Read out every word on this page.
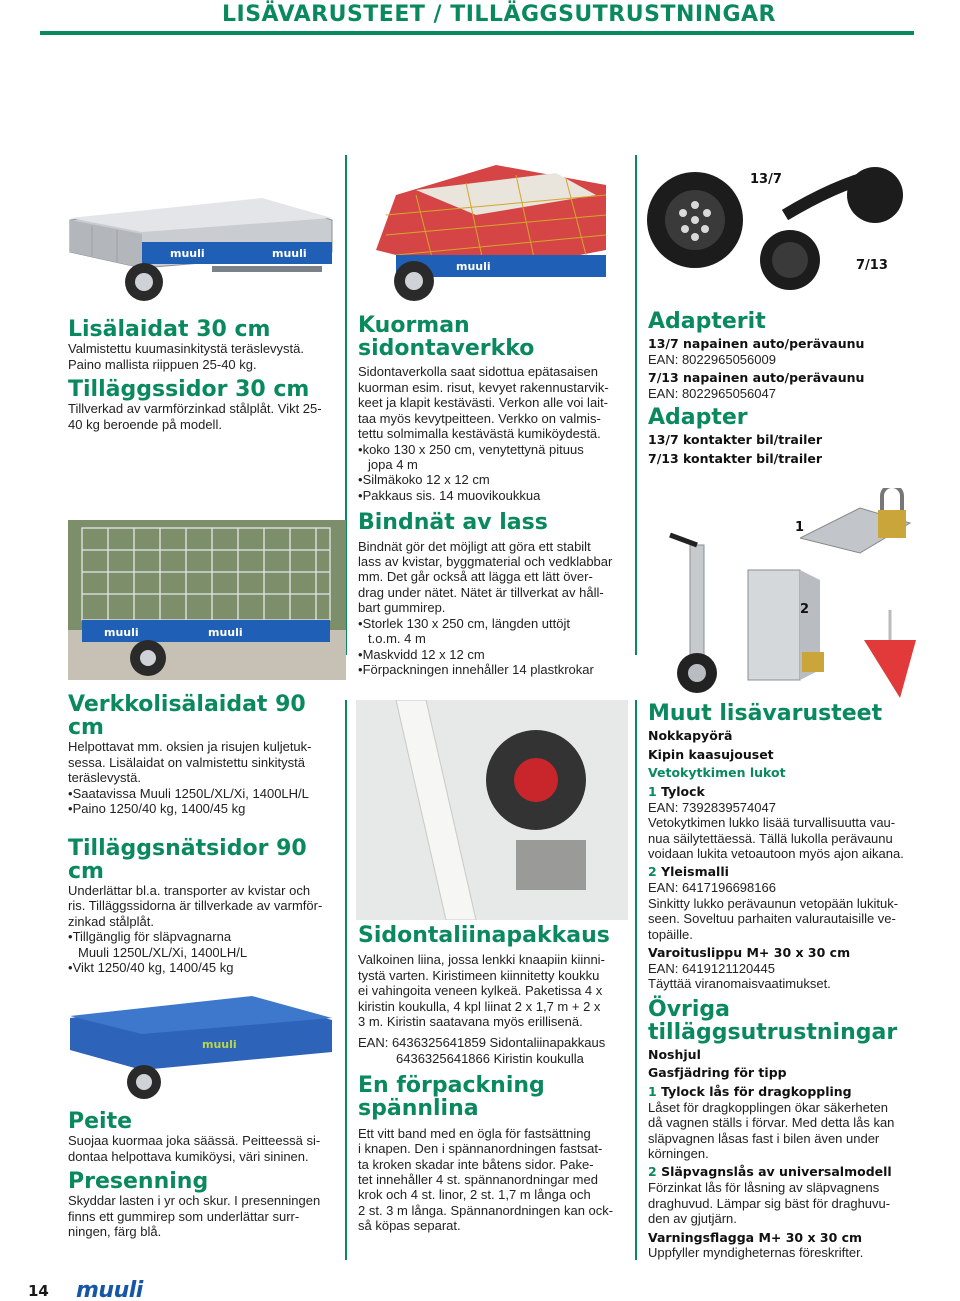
LISÄVARUSTEET / TILLÄGGSUTRUSTNINGAR
muuli	muuli
muuli
13/7
7/13
muuli	muuli
1
2
muuli
Lisälaidat 30 cm
Valmistettu kuumasinkitystä teräslevystä.
Paino mallista riippuen 25-40 kg.
Tilläggssidor 30 cm
Tillverkad av varmförzinkad stålplåt. Vikt 25-
40 kg beroende på modell.
Verkkolisälaidat 90 cm
Helpottavat mm. oksien ja risujen kuljetuk-
sessa. Lisälaidat on valmistettu sinkitystä
teräslevystä.
• Saatavissa Muuli 1250L/XL/Xi, 1400LH/L
• Paino 1250/40 kg, 1400/45 kg
Tilläggsnätsidor 90 cm
Underlättar bl.a. transporter av kvistar och
ris. Tilläggssidorna är tillverkade av varmför-
zinkad stålplåt.
• Tillgänglig för släpvagnarna
Muuli 1250L/XL/Xi, 1400LH/L
• Vikt 1250/40 kg, 1400/45 kg
Peite
Suojaa kuormaa joka säässä. Peitteessä si-
dontaa helpottava kumiköysi, väri sininen.
Presenning
Skyddar lasten i yr och skur. I presenningen
finns ett gummirep som underlättar surr-
ningen, färg blå.
Kuorman sidontaverkko
Sidontaverkolla saat sidottua epätasaisen
kuorman esim. risut, kevyet rakennustarvik-
keet ja klapit kestävästi. Verkon alle voi lait-
taa myös kevytpeitteen. Verkko on valmis-
tettu solmimalla kestävästä kumiköydestä.
• koko 130 x 250 cm, venytettynä pituus
jopa 4 m
• Silmäkoko 12 x 12 cm
• Pakkaus sis. 14 muovikoukkua
Bindnät av lass
Bindnät gör det möjligt att göra ett stabilt
lass av kvistar, byggmaterial och vedklabbar
mm. Det går också att lägga ett lätt över-
drag under nätet. Nätet är tillverkat av håll-
bart gummirep.
• Storlek 130 x 250 cm, längden uttöjt
t.o.m. 4 m
• Maskvidd 12 x 12 cm
• Förpackningen innehåller 14 plastkrokar
Sidontaliinapakkaus
Valkoinen liina, jossa lenkki knaapiin kiinni-
tystä varten. Kiristimeen kiinnitetty koukku
ei vahingoita veneen kylkeä. Paketissa 4 x
kiristin koukulla, 4 kpl liinat 2 x 1,7 m + 2 x
3 m. Kiristin saatavana myös erillisenä.
EAN: 6436325641859 Sidontaliinapakkaus
6436325641866 Kiristin koukulla
En förpackning
spännlina
Ett vitt band med en ögla för fastsättning
i knapen. Den i spännanordningen fastsat-
ta kroken skadar inte båtens sidor. Pake-
tet innehåller 4 st. spännanordningar med
krok och 4 st. linor, 2 st. 1,7 m långa och
2 st. 3 m långa. Spännanordningen kan ock-
så köpas separat.
Adapterit
13/7 napainen auto/perävaunu
EAN: 8022965056009
7/13 napainen auto/perävaunu
EAN: 8022965056047
Adapter
13/7 kontakter bil/trailer
7/13 kontakter bil/trailer
Muut lisävarusteet
Nokkapyörä
Kipin kaasujouset
Vetokytkimen lukot
1 Tylock
EAN: 7392839574047
Vetokytkimen lukko lisää turvallisuutta vau-
nua säilytettäessä. Tällä lukolla perävaunu
voidaan lukita vetoautoon myös ajon aikana.
2 Yleismalli
EAN: 6417196698166
Sinkitty lukko perävaunun vetopään lukituk-
seen. Soveltuu parhaiten valurautaisille ve-
topäille.
Varoituslippu M+ 30 x 30 cm
EAN: 6419121120445
Täyttää viranomaisvaatimukset.
Övriga
tilläggsutrustningar
Noshjul
Gasfjädring för tipp
1 Tylock lås för dragkoppling
Låset för dragkopplingen ökar säkerheten
då vagnen ställs i förvar. Med detta lås kan
släpvagnen låsas fast i bilen även under
körningen.
2 Släpvagnslås av universalmodell
Förzinkat lås för låsning av släpvagnens
draghuvud. Lämpar sig bäst för draghuvu-
den av gjutjärn.
Varningsflagga M+ 30 x 30 cm
Uppfyller myndigheternas föreskrifter.
14 muuli
